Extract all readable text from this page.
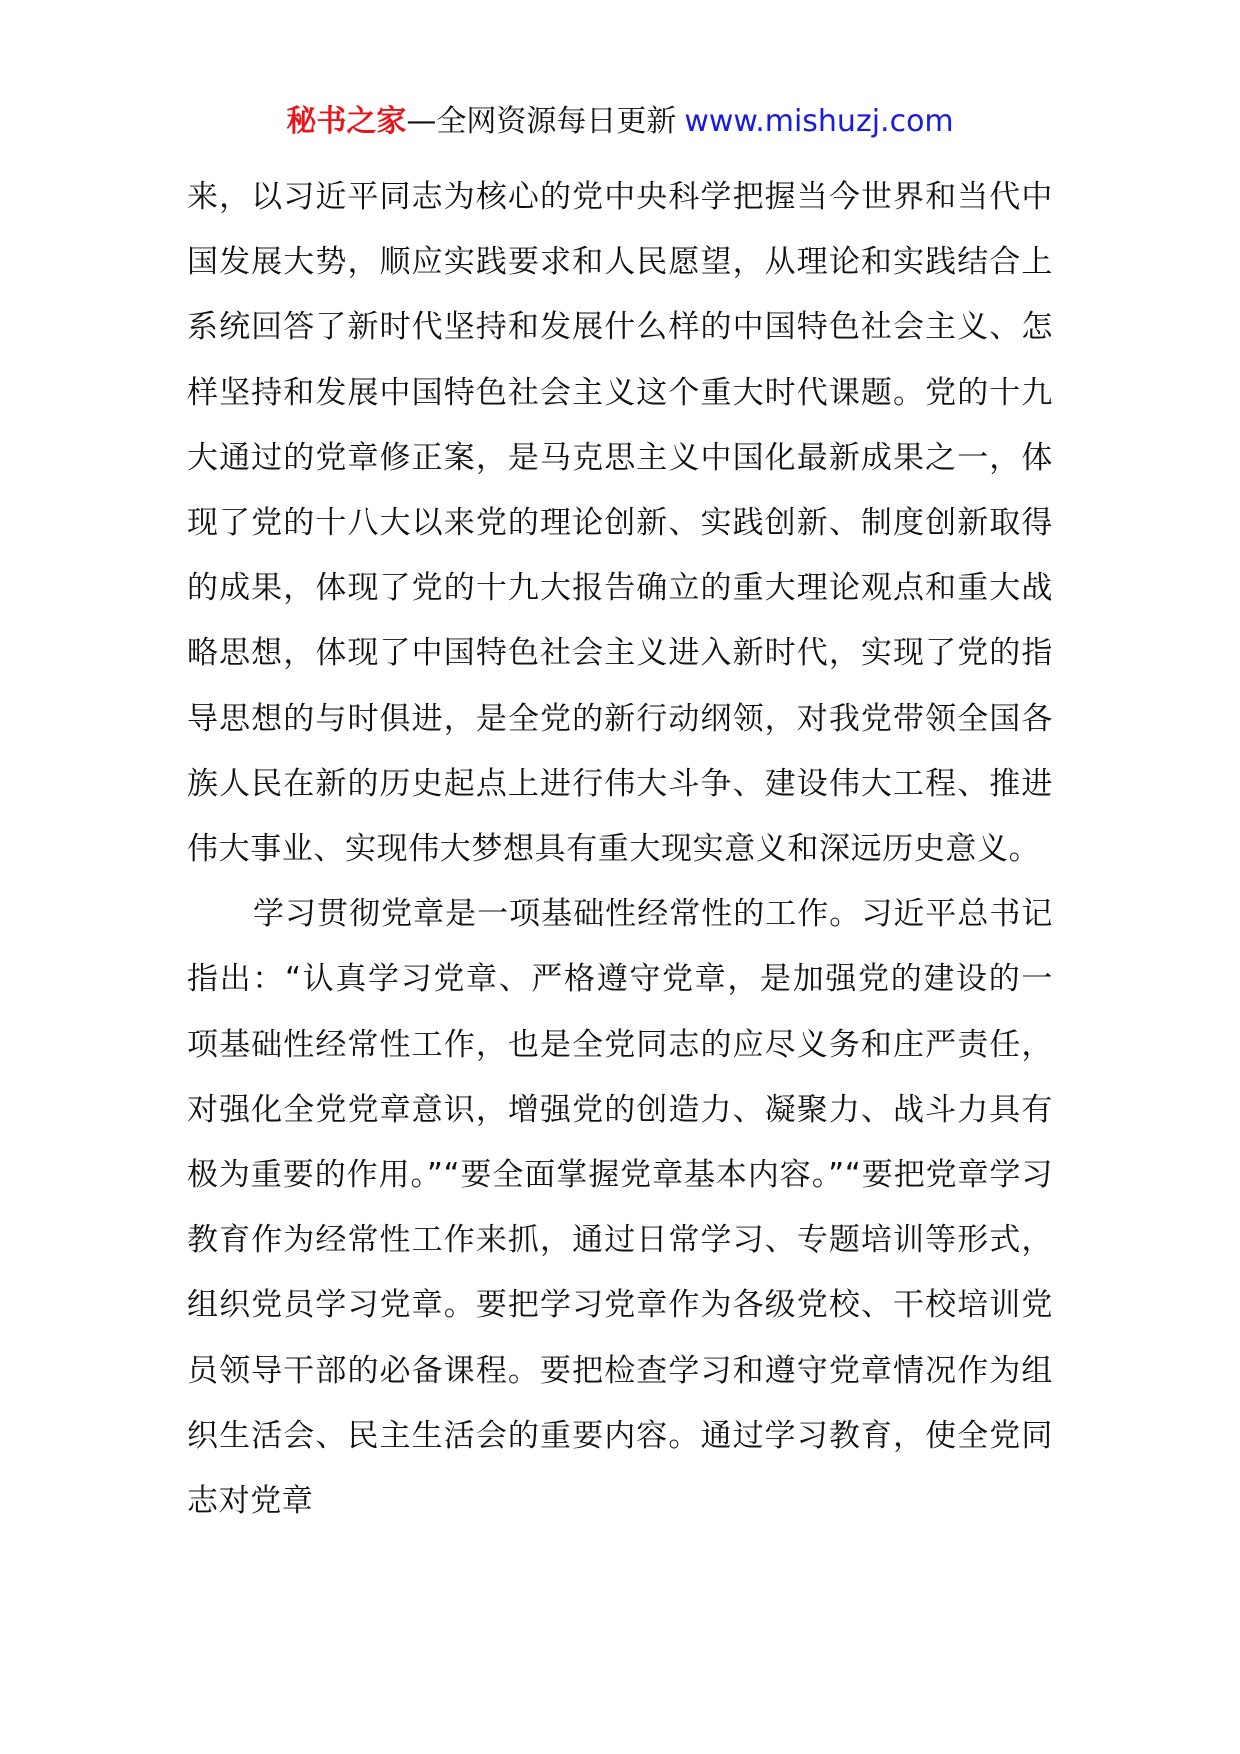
秘书之家—全网资源每日更新 www.mishuzj.com

来，以习近平同志为核心的党中央科学把握当今世界和当代中国发展大势，顺应实践要求和人民愿望，从理论和实践结合上系统回答了新时代坚持和发展什么样的中国特色社会主义、怎样坚持和发展中国特色社会主义这个重大时代课题。党的十九大通过的党章修正案，是马克思主义中国化最新成果之一，体现了党的十八大以来党的理论创新、实践创新、制度创新取得的成果，体现了党的十九大报告确立的重大理论观点和重大战略思想，体现了中国特色社会主义进入新时代，实现了党的指导思想的与时俱进，是全党的新行动纲领，对我党带领全国各族人民在新的历史起点上进行伟大斗争、建设伟大工程、推进伟大事业、实现伟大梦想具有重大现实意义和深远历史意义。

学习贯彻党章是一项基础性经常性的工作。习近平总书记指出：“认真学习党章、严格遵守党章，是加强党的建设的一项基础性经常性工作，也是全党同志的应尽义务和庄严责任，对强化全党党章意识，增强党的创造力、凝聚力、战斗力具有极为重要的作用。”“要全面掌握党章基本内容。”“要把党章学习教育作为经常性工作来抓，通过日常学习、专题培训等形式，组织党员学习党章。要把学习党章作为各级党校、干校培训党员领导干部的必备课程。要把检查学习和遵守党章情况作为组织生活会、民主生活会的重要内容。通过学习教育，使全党同志对党章
